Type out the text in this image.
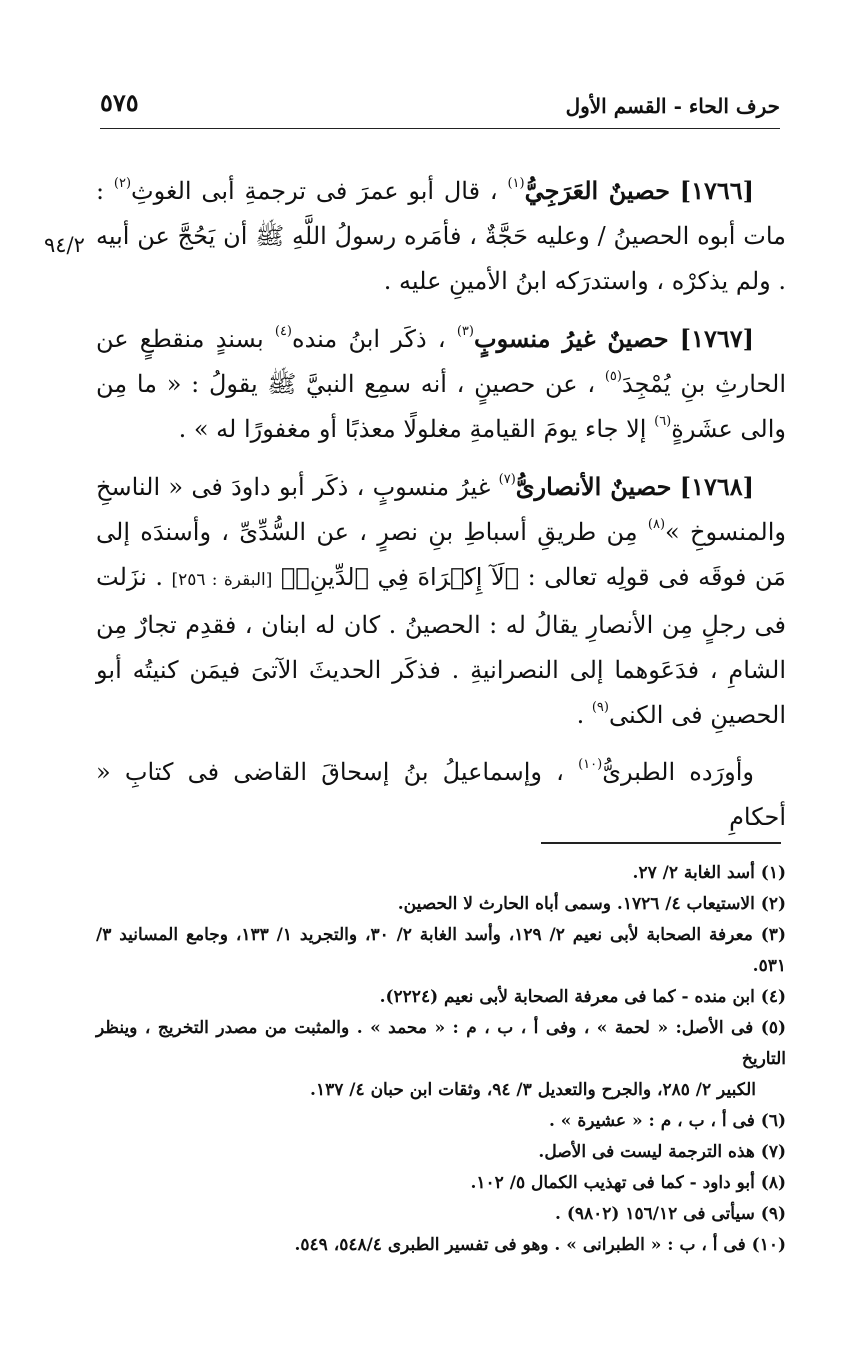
٥٧٥	حرف الحاء - القسم الأول
٩٤/٢

[١٧٦٦] حصينٌ العَرَجِيُّ$^{(١)}$ ، قال أبو عمرَ فى ترجمةِ أبى الغوثِ$^{(٢)}$ : مات أبوه الحصينُ / وعليه حَجَّةٌ ، فأمَره رسولُ اللَّهِ ﷺ أن يَحُجَّ عن أبيه . ولم يذكرْه ، واستدرَكه ابنُ الأمينِ عليه .

[١٧٦٧] حصينٌ غيرُ منسوبٍ$^{(٣)}$ ، ذكَر ابنُ منده$^{(٤)}$ بسندٍ منقطعٍ عن الحارثِ بنِ يُمْجِدَ$^{(٥)}$ ، عن حصينٍ ، أنه سمِع النبيَّ ﷺ يقولُ : « ما مِن والى عشَرةٍ$^{(٦)}$ إلا جاء يومَ القيامةِ مغلولًا معذبًا أو مغفورًا له » .

[١٧٦٨] حصينٌ الأنصارىُّ$^{(٧)}$ غيرُ منسوبٍ ، ذكَر أبو داودَ فى « الناسخِ والمنسوخِ »$^{(٨)}$ مِن طريقِ أسباطِ بنِ نصرٍ ، عن السُّدِّىِّ ، وأسندَه إلى مَن فوقَه فى قولِه تعالى : ﴿لَآ إِكۡرَاهَ فِي ٱلدِّينِۖ﴾ [البقرة : ٢٥٦] . نزَلت فى رجلٍ مِن الأنصارِ يقالُ له : الحصينُ . كان له ابنان ، فقدِم تجارٌ مِن الشامِ ، فدَعَوهما إلى النصرانيةِ . فذكَر الحديثَ الآتىَ فيمَن كنيتُه أبو الحصينِ فى الكنى$^{(٩)}$ .

وأورَده الطبرىُّ$^{(١٠)}$ ، وإسماعيلُ بنُ إسحاقَ القاضى فى كتابِ « أحكامِ

(١) أسد الغابة ٢/ ٢٧.

(٢) الاستيعاب ٤/ ١٧٢٦. وسمى أباه الحارث لا الحصين.

(٣) معرفة الصحابة لأبى نعيم ٢/ ١٢٩، وأسد الغابة ٢/ ٣٠، والتجريد ١/ ١٣٣، وجامع المسانيد ٣/ ٥٣١.

(٤) ابن منده - كما فى معرفة الصحابة لأبى نعيم (٢٢٢٤).

(٥) فى الأصل: « لحمة » ، وفى أ ، ب ، م : « محمد » . والمثبت من مصدر التخريج ، وينظر التاريخ

الكبير ٢/ ٢٨٥، والجرح والتعديل ٣/ ٩٤، وثقات ابن حبان ٤/ ١٣٧.

(٦) فى أ ، ب ، م : « عشيرة » .

(٧) هذه الترجمة ليست فى الأصل.

(٨) أبو داود - كما فى تهذيب الكمال ٥/ ١٠٢.

(٩) سيأتى فى ١٥٦/١٢ (٩٨٠٢) .

(١٠) فى أ ، ب : « الطبرانى » . وهو فى تفسير الطبرى ٥٤٨/٤، ٥٤٩.
